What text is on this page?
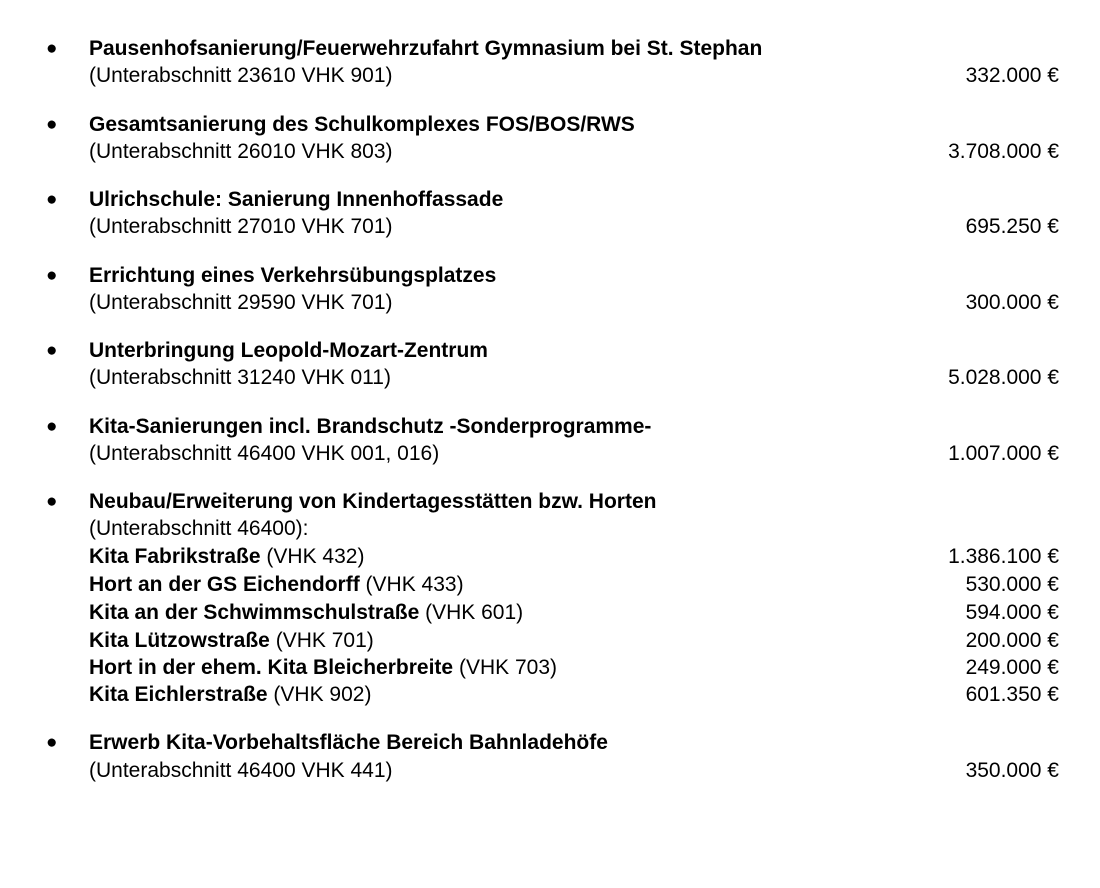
● Pausenhofsanierung/Feuerwehrzufahrt Gymnasium bei St. Stephan
(Unterabschnitt 23610 VHK 901)	332.000 €
● Gesamtsanierung des Schulkomplexes FOS/BOS/RWS
(Unterabschnitt 26010 VHK 803)	3.708.000 €
● Ulrichschule: Sanierung Innenhoffassade
(Unterabschnitt 27010 VHK 701)	695.250 €
● Errichtung eines Verkehrsübungsplatzes
(Unterabschnitt 29590 VHK 701)	300.000 €
● Unterbringung Leopold-Mozart-Zentrum
(Unterabschnitt 31240 VHK 011)	5.028.000 €
● Kita-Sanierungen incl. Brandschutz -Sonderprogramme-
(Unterabschnitt 46400 VHK 001, 016)	1.007.000 €
● Neubau/Erweiterung von Kindertagesstätten bzw. Horten
(Unterabschnitt 46400):
Kita Fabrikstraße (VHK 432)	1.386.100 €
Hort an der GS Eichendorff (VHK 433)	530.000 €
Kita an der Schwimmschulstraße (VHK 601)	594.000 €
Kita Lützowstraße (VHK 701)	200.000 €
Hort in der ehem. Kita Bleicherbreite (VHK 703)	249.000 €
Kita Eichlerstraße (VHK 902)	601.350 €
● Erwerb Kita-Vorbehaltsfläche Bereich Bahnladehöfe
(Unterabschnitt 46400 VHK 441)	350.000 €
